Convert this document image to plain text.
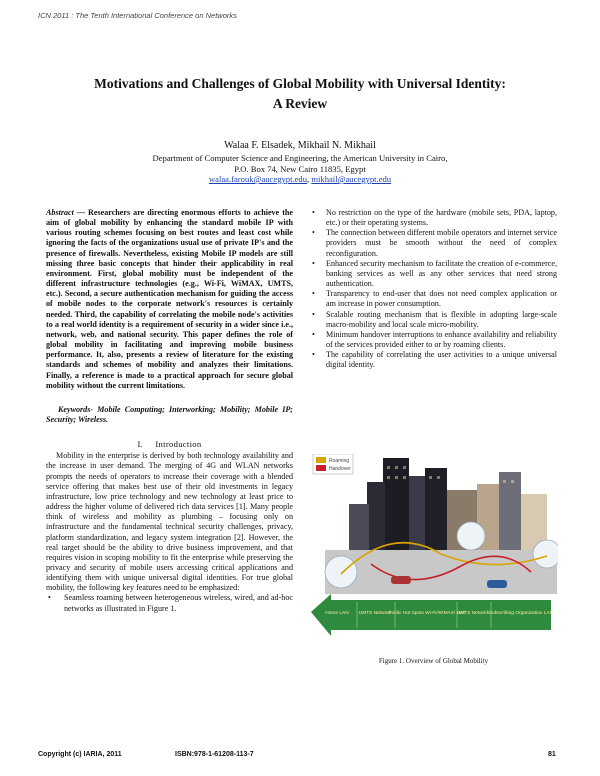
ICN 2011 : The Tenth International Conference on Networks
Motivations and Challenges of Global Mobility with Universal Identity:
A Review
Walaa F. Elsadek, Mikhail N. Mikhail
Department of Computer Science and Engineering, the American University in Cairo,
P.O. Box 74, New Cairo 11835, Egypt
walaa.farouk@aucegypt.edu, mikhail@aucegypt.edu

Abstract — Researchers are directing enormous efforts to achieve the aim of global mobility by enhancing the standard mobile IP with various routing schemes focusing on best routes and least cost while ignoring the facts of the organizations usual use of private IP's and the presence of firewalls. Nevertheless, existing Mobile IP models are still missing three basic concepts that hinder their applicability in real environment. First, global mobility must be independent of the different infrastructure technologies (e.g., Wi-Fi, WiMAX, UMTS, etc.). Second, a secure authentication mechanism for guiding the access of mobile nodes to the corporate network's resources is certainly needed. Third, the capability of correlating the mobile node's activities to a real world identity is a requirement of security in a wider since i.e., network, web, and national security. This paper defines the role of global mobility in facilitating and improving mobile business performance. It, also, presents a review of literature for the existing standards and schemes of mobility and analyzes their limitations. Finally, a reference is made to a practical approach for secure global mobility without the current limitations.

Keywords- Mobile Computing; Interworking; Mobility; Mobile IP; Security; Wireless.

I. Introduction

Mobility in the enterprise is derived by both technology availability and the increase in user demand. The merging of 4G and WLAN networks prompts the needs of operators to increase their coverage with a blended service offering that makes best use of their old investments in legacy infrastructure, low price technology and new technology at least price to address the higher volume of delivered rich data services [1]. Many people think of wireless and mobility as plumbing – focusing only on infrastructure and the fundamental technical security challenges, privacy, platform standardization, and legacy system integration [2]. However, the real target should be the ability to drive business improvement, and that requires vision in scoping mobility to fit the enterprise while preserving the privacy and security of mobile users accessing critical applications and identifying them with unique universal digital identities. For true global mobility, the following key features need to be emphasized:

• Seamless roaming between heterogeneous wireless, wired, and ad-hoc networks as illustrated in Figure 1.
• No restriction on the type of the hardware (mobile sets, PDA, laptop, etc.) or their operating systems.
• The connection between different mobile operators and internet service providers must be smooth without the need of complex reconfiguration.
• Enhanced security mechanism to facilitate the creation of e-commerce, banking services as well as any other services that need strong authentication.
• Transparency to end-user that does not need complex application or am increase in power consumption.
• Scalable routing mechanism that is flexible in adopting large-scale macro-mobility and local scale micro-mobility.
• Minimum handover interruptions to enhance availability and reliability of the services provided either to or by roaming clients.
• The capability of correlating the user activities to a unique universal digital identity.
Roaming
Handover
Home LAN UMTS Network
Public Hot Spots Wi-Fi/WIMAX/ SAT
UMTS Network Subscribing Organization LAN
Figure 1. Overview of Global Mobility
Copyright (c) IARIA, 2011	ISBN:978-1-61208-113-7	81
